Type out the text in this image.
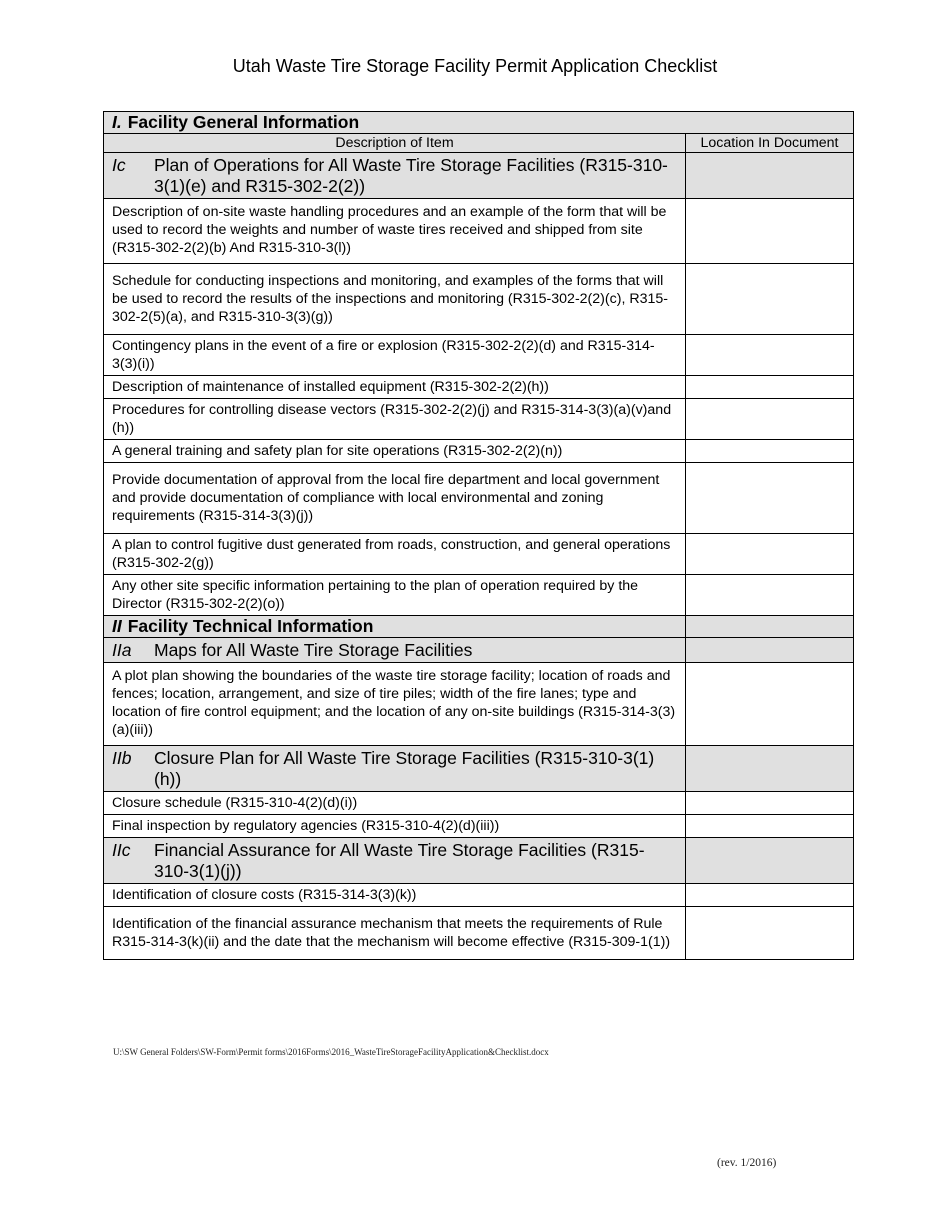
Utah Waste Tire Storage Facility Permit Application Checklist
I. Facility General Information	
Description of Item	Location In Document

Ic Plan of Operations for All Waste Tire Storage Facilities (R315-310-3(1)(e) and R315-302-2(2))	

Description of on-site waste handling procedures and an example of the form that will be used to record the weights and number of waste tires received and shipped from site (R315-302-2(2)(b) And R315-310-3(l))	
Schedule for conducting inspections and monitoring, and examples of the forms that will be used to record the results of the inspections and monitoring (R315-302-2(2)(c), R315-302-2(5)(a), and R315-310-3(3)(g))	
Contingency plans in the event of a fire or explosion (R315-302-2(2)(d) and R315-314-3(3)(i))	
Description of maintenance of installed equipment (R315-302-2(2)(h))	
Procedures for controlling disease vectors (R315-302-2(2)(j) and R315-314-3(3)(a)(v)and (h))	
A general training and safety plan for site operations (R315-302-2(2)(n))	
Provide documentation of approval from the local fire department and local government and provide documentation of compliance with local environmental and zoning requirements (R315-314-3(3)(j))	
A plan to control fugitive dust generated from roads, construction, and general operations (R315-302-2(g))	
Any other site specific information pertaining to the plan of operation required by the Director (R315-302-2(2)(o))	
II Facility Technical Information	

IIa Maps for All Waste Tire Storage Facilities	

A plot plan showing the boundaries of the waste tire storage facility; location of roads and fences; location, arrangement, and size of tire piles; width of the fire lanes; type and location of fire control equipment; and the location of any on-site buildings (R315-314-3(3)(a)(iii))	

IIb Closure Plan for All Waste Tire Storage Facilities (R315-310-3(1)(h))	

Closure schedule (R315-310-4(2)(d)(i))	
Final inspection by regulatory agencies (R315-310-4(2)(d)(iii))	

IIc Financial Assurance for All Waste Tire Storage Facilities (R315-310-3(1)(j))	

Identification of closure costs (R315-314-3(3)(k))	
Identification of the financial assurance mechanism that meets the requirements of Rule R315-314-3(k)(ii) and the date that the mechanism will become effective (R315-309-1(1))	
U:\SW General Folders\SW-Form\Permit forms\2016Forms\2016_WasteTireStorageFacilityApplication&Checklist.docx
(rev. 1/2016)
